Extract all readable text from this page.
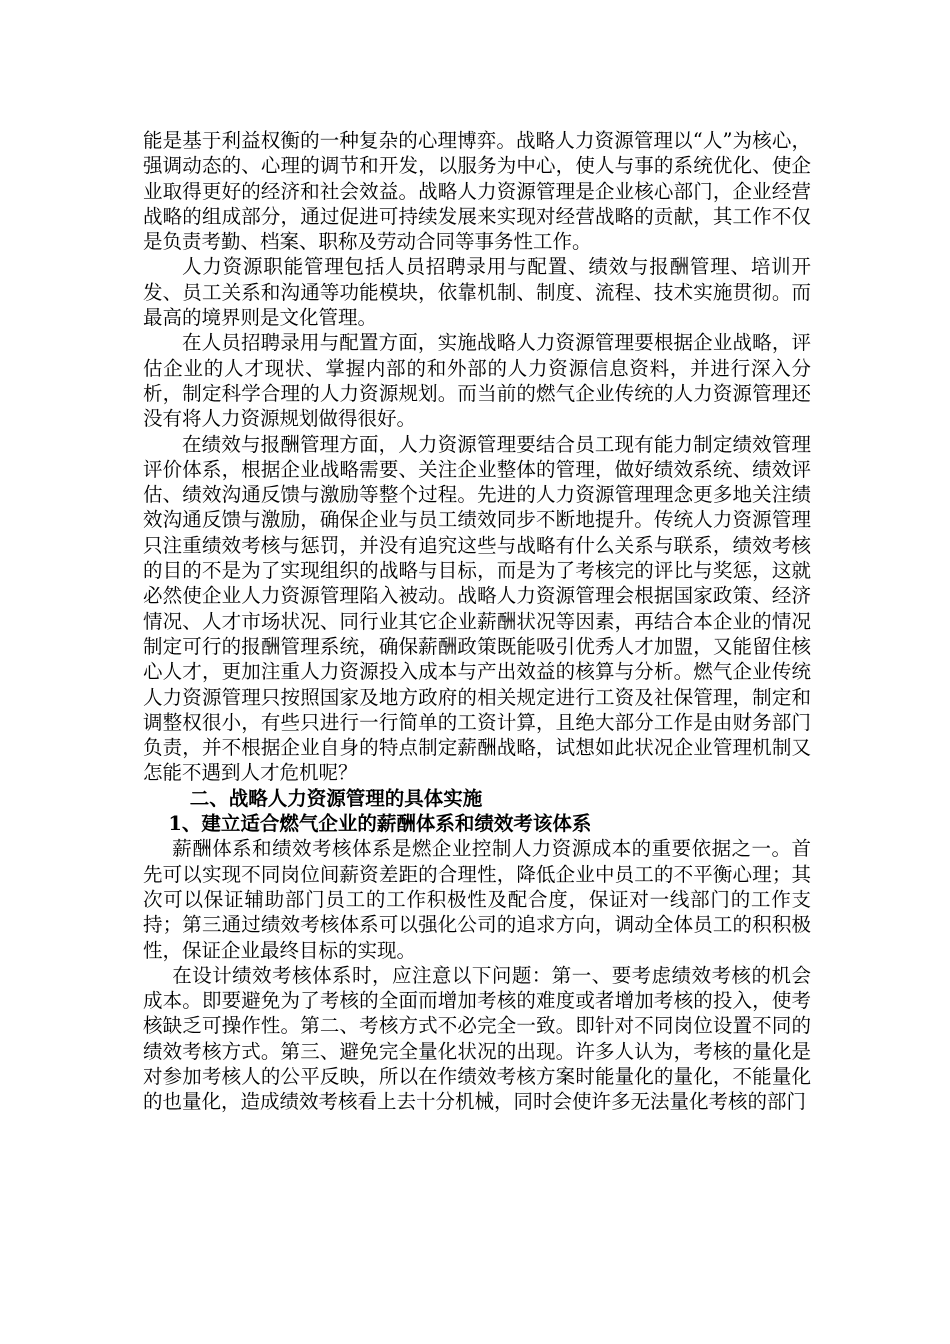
能是基于利益权衡的一种复杂的心理博弈。战略人力资源管理以“人”为核心，强调动态的、心理的调节和开发，以服务为中心，使人与事的系统优化、使企业取得更好的经济和社会效益。战略人力资源管理是企业核心部门，企业经营战略的组成部分，通过促进可持续发展来实现对经营战略的贡献，其工作不仅是负责考勤、档案、职称及劳动合同等事务性工作。

人力资源职能管理包括人员招聘录用与配置、绩效与报酬管理、培训开发、员工关系和沟通等功能模块，依靠机制、制度、流程、技术实施贯彻。而最高的境界则是文化管理。

在人员招聘录用与配置方面，实施战略人力资源管理要根据企业战略，评估企业的人才现状、掌握内部的和外部的人力资源信息资料，并进行深入分析，制定科学合理的人力资源规划。而当前的燃气企业传统的人力资源管理还没有将人力资源规划做得很好。

在绩效与报酬管理方面，人力资源管理要结合员工现有能力制定绩效管理评价体系，根据企业战略需要、关注企业整体的管理，做好绩效系统、绩效评估、绩效沟通反馈与激励等整个过程。先进的人力资源管理理念更多地关注绩效沟通反馈与激励，确保企业与员工绩效同步不断地提升。传统人力资源管理只注重绩效考核与惩罚，并没有追究这些与战略有什么关系与联系，绩效考核的目的不是为了实现组织的战略与目标，而是为了考核完的评比与奖惩，这就必然使企业人力资源管理陷入被动。战略人力资源管理会根据国家政策、经济情况、人才市场状况、同行业其它企业薪酬状况等因素，再结合本企业的情况制定可行的报酬管理系统，确保薪酬政策既能吸引优秀人才加盟，又能留住核心人才，更加注重人力资源投入成本与产出效益的核算与分析。燃气企业传统人力资源管理只按照国家及地方政府的相关规定进行工资及社保管理，制定和调整权很小，有些只进行一行简单的工资计算，且绝大部分工作是由财务部门负责，并不根据企业自身的特点制定薪酬战略，试想如此状况企业管理机制又怎能不遇到人才危机呢？

二、战略人力资源管理的具体实施
1、建立适合燃气企业的薪酬体系和绩效考该体系

薪酬体系和绩效考核体系是燃企业控制人力资源成本的重要依据之一。首先可以实现不同岗位间薪资差距的合理性，降低企业中员工的不平衡心理；其次可以保证辅助部门员工的工作积极性及配合度，保证对一线部门的工作支持；第三通过绩效考核体系可以强化公司的追求方向，调动全体员工的积积极性，保证企业最终目标的实现。

在设计绩效考核体系时，应注意以下问题：第一、要考虑绩效考核的机会成本。即要避免为了考核的全面而增加考核的难度或者增加考核的投入，使考核缺乏可操作性。第二、考核方式不必完全一致。即针对不同岗位设置不同的绩效考核方式。第三、避免完全量化状况的出现。许多人认为，考核的量化是对参加考核人的公平反映，所以在作绩效考核方案时能量化的量化，不能量化的也量化，造成绩效考核看上去十分机械，同时会使许多无法量化考核的部门
